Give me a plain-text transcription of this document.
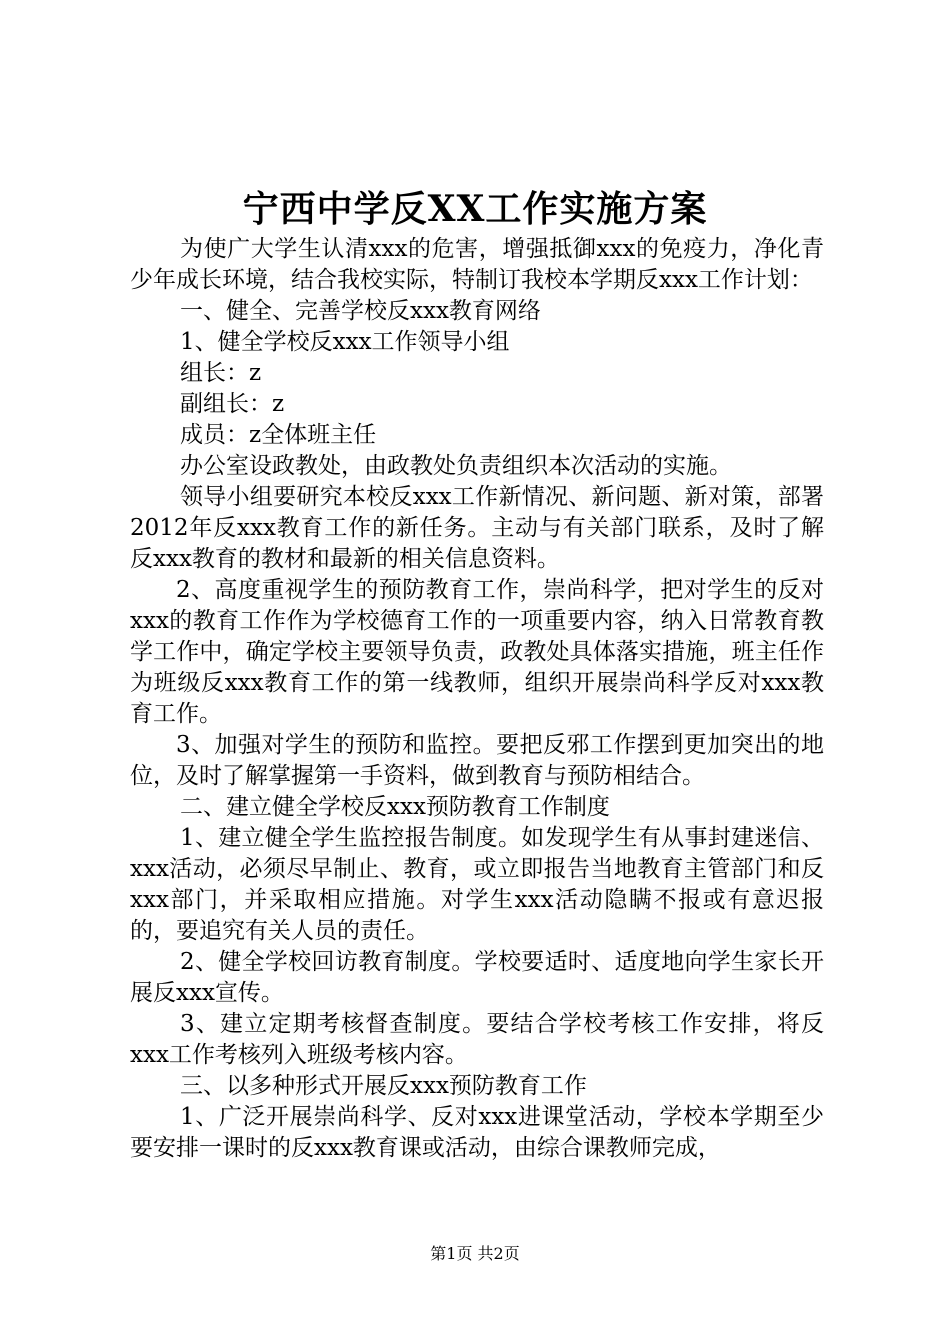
宁西中学反XX工作实施方案

为使广大学生认清xxx的危害，增强抵御xxx的免疫力，净化青少年成长环境，结合我校实际，特制订我校本学期反xxx工作计划：

一、健全、完善学校反xxx教育网络

1、健全学校反xxx工作领导小组

组长：z

副组长：z

成员：z全体班主任

办公室设政教处，由政教处负责组织本次活动的实施。

领导小组要研究本校反xxx工作新情况、新问题、新对策，部署2012年反xxx教育工作的新任务。主动与有关部门联系，及时了解反xxx教育的教材和最新的相关信息资料。

2、高度重视学生的预防教育工作，崇尚科学，把对学生的反对xxx的教育工作作为学校德育工作的一项重要内容，纳入日常教育教学工作中，确定学校主要领导负责，政教处具体落实措施，班主任作为班级反xxx教育工作的第一线教师，组织开展崇尚科学反对xxx教育工作。

3、加强对学生的预防和监控。要把反邪工作摆到更加突出的地位，及时了解掌握第一手资料，做到教育与预防相结合。

二、建立健全学校反xxx预防教育工作制度

1、建立健全学生监控报告制度。如发现学生有从事封建迷信、xxx活动，必须尽早制止、教育，或立即报告当地教育主管部门和反xxx部门，并采取相应措施。对学生xxx活动隐瞒不报或有意迟报的，要追究有关人员的责任。

2、健全学校回访教育制度。学校要适时、适度地向学生家长开展反xxx宣传。

3、建立定期考核督查制度。要结合学校考核工作安排，将反xxx工作考核列入班级考核内容。

三、以多种形式开展反xxx预防教育工作

1、广泛开展崇尚科学、反对xxx进课堂活动，学校本学期至少要安排一课时的反xxx教育课或活动，由综合课教师完成，

第1页 共2页
